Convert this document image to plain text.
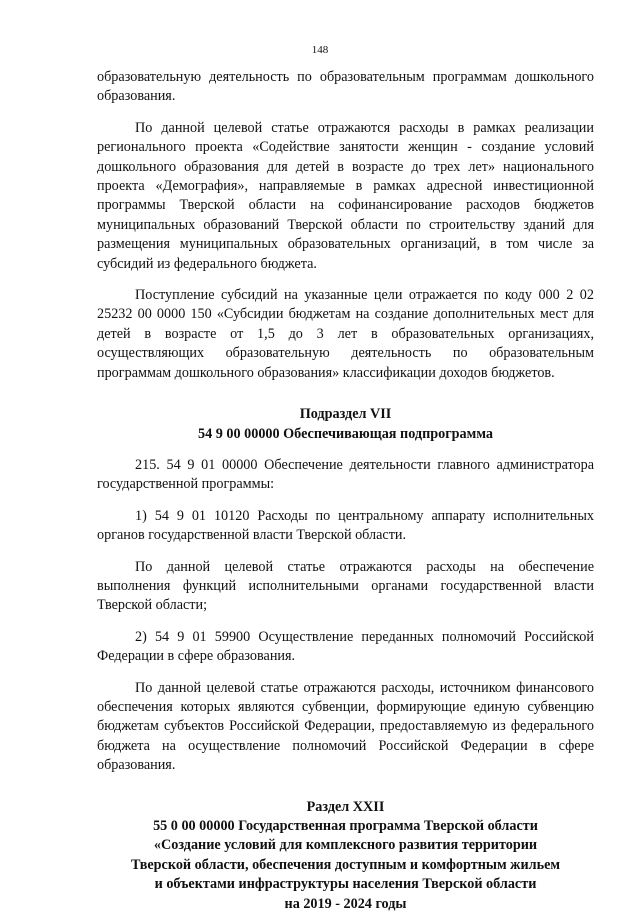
148

образовательную деятельность по образовательным программам дошкольного образования.

По данной целевой статье отражаются расходы в рамках реализации регионального проекта «Содействие занятости женщин - создание условий дошкольного образования для детей в возрасте до трех лет» национального проекта «Демография», направляемые в рамках адресной инвестиционной программы Тверской области на софинансирование расходов бюджетов муниципальных образований Тверской области по строительству зданий для размещения муниципальных образовательных организаций, в том числе за субсидий из федерального бюджета.

Поступление субсидий на указанные цели отражается по коду 000 2 02 25232 00 0000 150 «Субсидии бюджетам на создание дополнительных мест для детей в возрасте от 1,5 до 3 лет в образовательных организациях, осуществляющих образовательную деятельность по образовательным программам дошкольного образования» классификации доходов бюджетов.

Подраздел VII
54 9 00 00000 Обеспечивающая подпрограмма

215. 54 9 01 00000 Обеспечение деятельности главного администратора государственной программы:

1) 54 9 01 10120 Расходы по центральному аппарату исполнительных органов государственной власти Тверской области.

По данной целевой статье отражаются расходы на обеспечение выполнения функций исполнительными органами государственной власти Тверской области;

2) 54 9 01 59900 Осуществление переданных полномочий Российской Федерации в сфере образования.

По данной целевой статье отражаются расходы, источником финансового обеспечения которых являются субвенции, формирующие единую субвенцию бюджетам субъектов Российской Федерации, предоставляемую из федерального бюджета на осуществление полномочий Российской Федерации в сфере образования.

Раздел XXII
55 0 00 00000 Государственная программа Тверской области
«Создание условий для комплексного развития территории
Тверской области, обеспечения доступным и комфортным жильем
и объектами инфраструктуры населения Тверской области
на 2019 - 2024 годы
